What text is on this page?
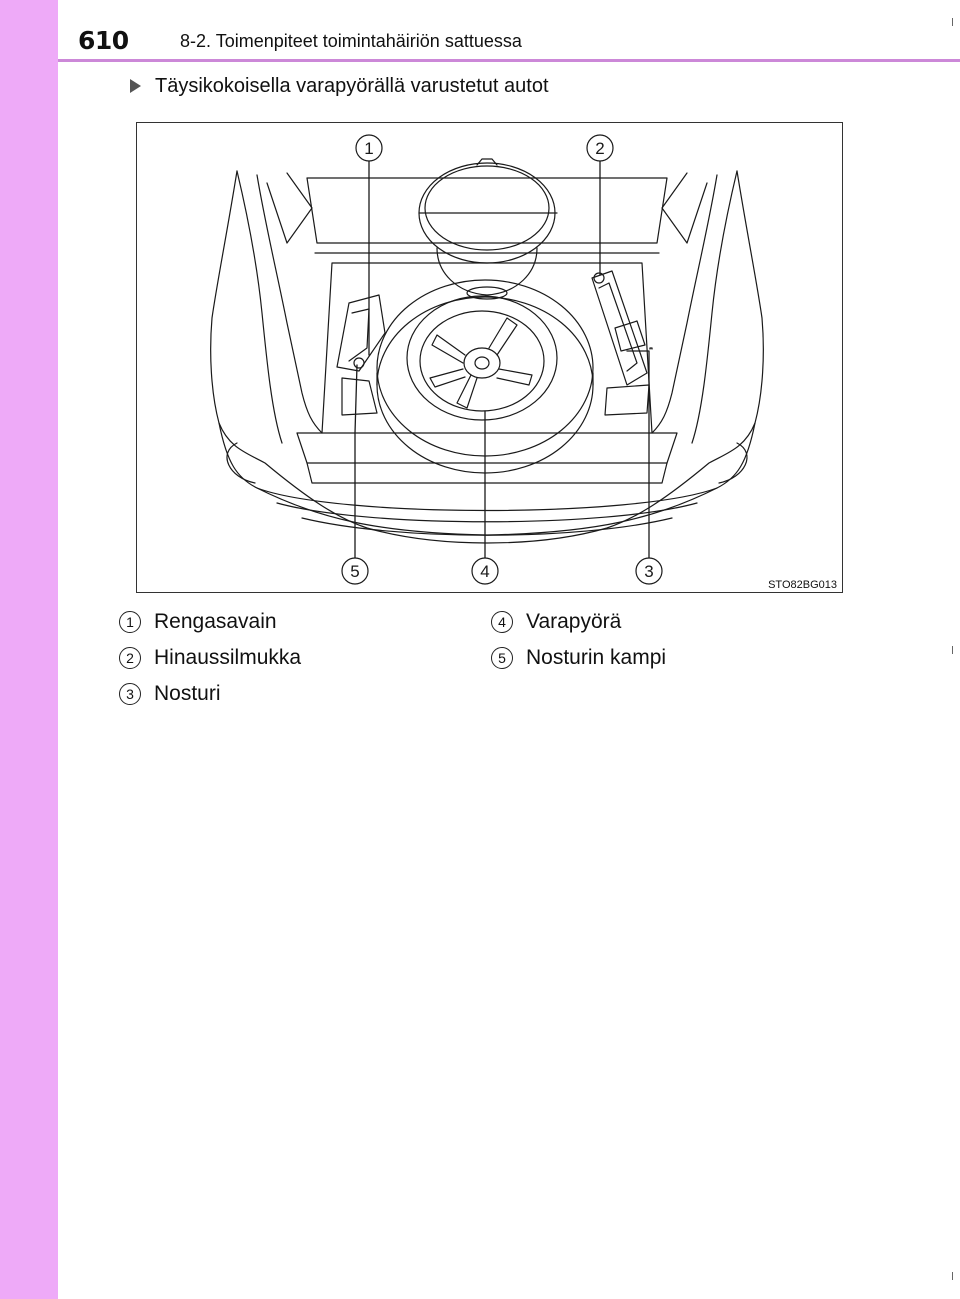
610	8-2. Toimenpiteet toimintahäiriön sattuessa
Täysikokoisella varapyörällä varustetut autot
1	2
3
4
5
STO82BG013
1 Rengasavain
2 Hinaussilmukka
3 Nosturi
4 Varapyörä
5 Nosturin kampi
